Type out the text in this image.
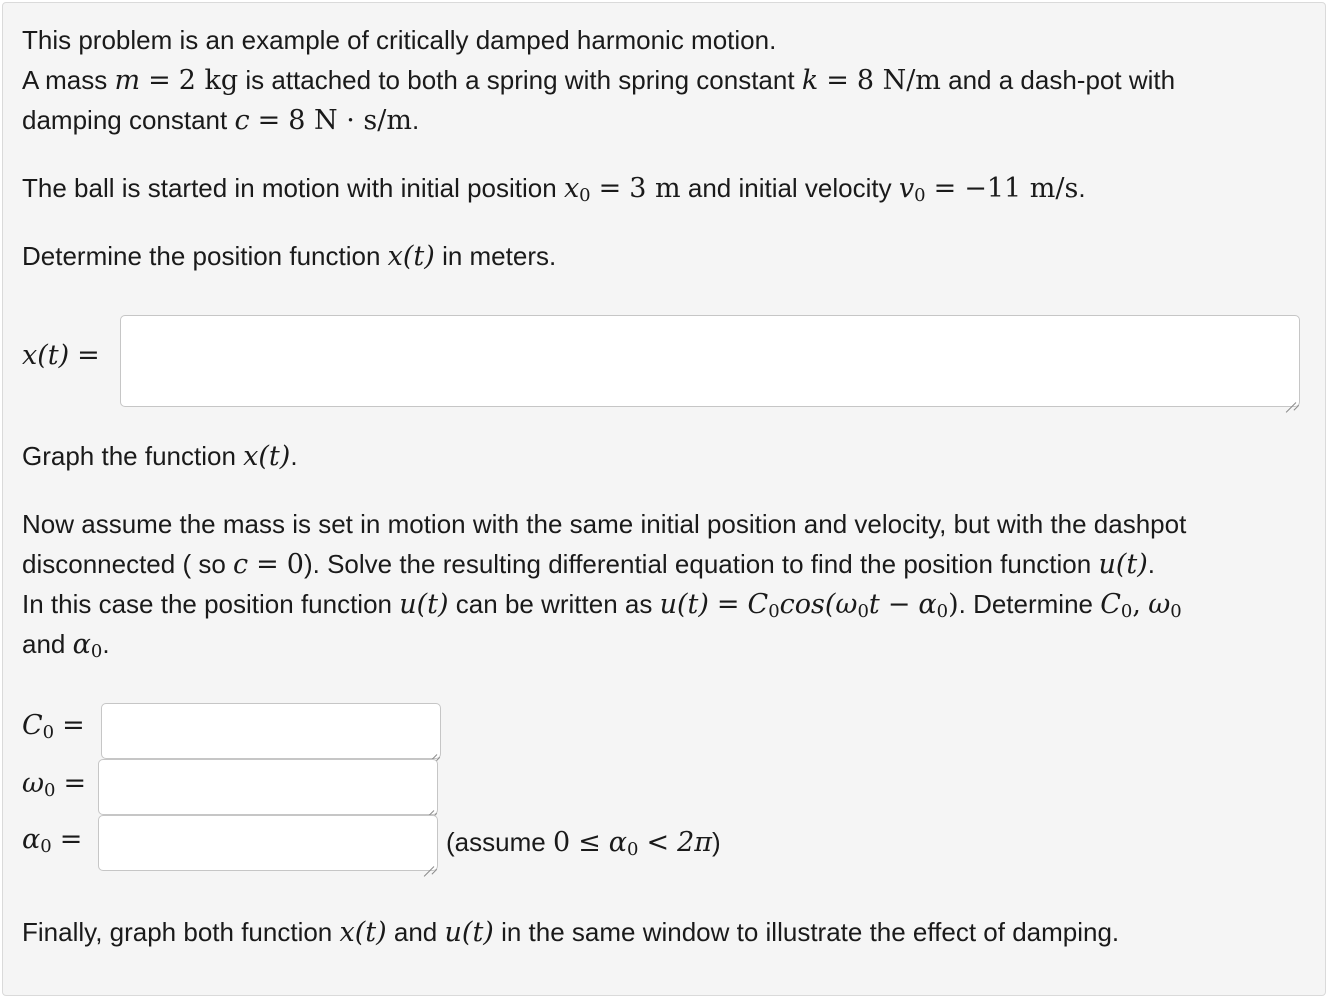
This problem is an example of critically damped harmonic motion.
A mass m = 2 kg is attached to both a spring with spring constant k = 8 N/m and a dash-pot with
damping constant c = 8 N · s/m.
The ball is started in motion with initial position $x_0 = 3$ m and initial velocity $v_0 = -11$ m/s.
Determine the position function x(t) in meters.
x(t) =
Graph the function x(t).
Now assume the mass is set in motion with the same initial position and velocity, but with the dashpot
disconnected ( so c = 0). Solve the resulting differential equation to find the position function u(t).
In this case the position function u(t) can be written as $u(t) = C_0\cos(\omega_0t - \alpha_0)$. Determine $C_0$, $\omega_0$
and $\alpha_0$.
$C_0$ =
$\omega_0$ =
$\alpha_0$ =	(assume $0 \le \alpha_0 < 2\pi$)
Finally, graph both function x(t) and u(t) in the same window to illustrate the effect of damping.
